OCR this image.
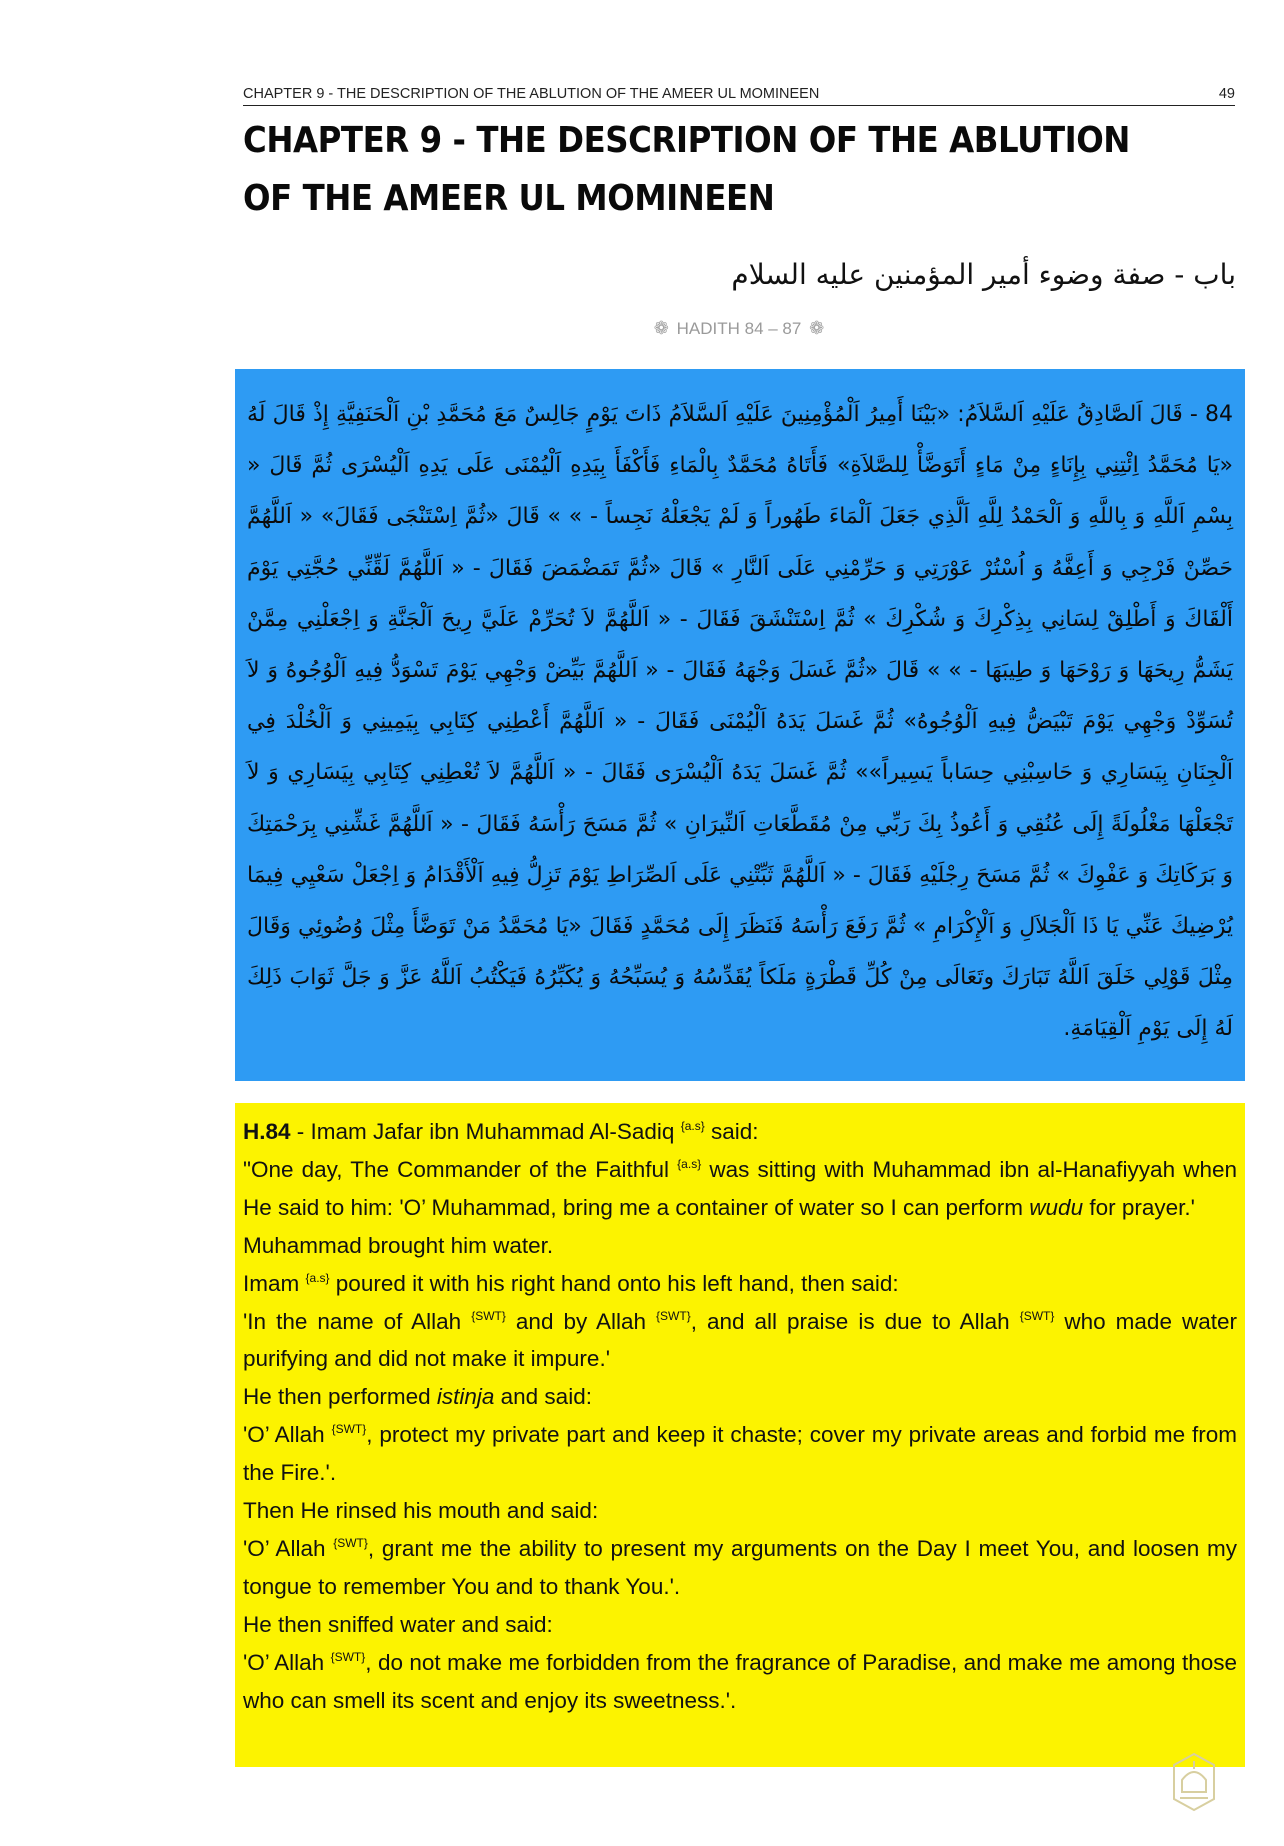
CHAPTER 9 - THE DESCRIPTION OF THE ABLUTION OF THE AMEER UL MOMINEEN	49
CHAPTER 9 - THE DESCRIPTION OF THE ABLUTION OF THE AMEER UL MOMINEEN
باب - صفة وضوء أمير المؤمنين عليه السلام
❁ HADITH 84 – 87 ❁

84 - قَالَ اَلصَّادِقُ عَلَيْهِ اَلسَّلاَمُ: «بَيْنَا أَمِيرُ اَلْمُؤْمِنِينَ عَلَيْهِ اَلسَّلاَمُ ذَاتَ يَوْمٍ جَالِسٌ مَعَ مُحَمَّدِ بْنِ اَلْحَنَفِيَّةِ إِذْ قَالَ لَهُ «يَا مُحَمَّدُ اِئْتِنِي بِإِنَاءٍ مِنْ مَاءٍ أَتَوَضَّأْ لِلصَّلاَةِ» فَأَتَاهُ مُحَمَّدٌ بِالْمَاءِ فَأَكْفَأَ بِيَدِهِ اَلْيُمْنَى عَلَى يَدِهِ اَلْيُسْرَى ثُمَّ قَالَ « بِسْمِ اَللَّهِ وَ بِاللَّهِ وَ اَلْحَمْدُ لِلَّهِ اَلَّذِي جَعَلَ اَلْمَاءَ طَهُوراً وَ لَمْ يَجْعَلْهُ نَجِساً - » » قَالَ «ثُمَّ اِسْتَنْجَى فَقَالَ» « اَللَّهُمَّ حَصِّنْ فَرْجِي وَ أَعِفَّهُ وَ اُسْتُرْ عَوْرَتِي وَ حَرِّمْنِي عَلَى اَلنَّارِ » قَالَ «ثُمَّ تَمَضْمَضَ فَقَالَ - « اَللَّهُمَّ لَقِّنِّي حُجَّتِي يَوْمَ أَلْقَاكَ وَ أَطْلِقْ لِسَانِي بِذِكْرِكَ وَ شُكْرِكَ » ثُمَّ اِسْتَنْشَقَ فَقَالَ - « اَللَّهُمَّ لاَ تُحَرِّمْ عَلَيَّ رِيحَ اَلْجَنَّةِ وَ اِجْعَلْنِي مِمَّنْ يَشَمُّ رِيحَهَا وَ رَوْحَهَا وَ طِيبَهَا - » » قَالَ «ثُمَّ غَسَلَ وَجْهَهُ فَقَالَ - « اَللَّهُمَّ بَيِّضْ وَجْهِي يَوْمَ تَسْوَدُّ فِيهِ اَلْوُجُوهُ وَ لاَ تُسَوِّدْ وَجْهِي يَوْمَ تَبْيَضُّ فِيهِ اَلْوُجُوهُ» ثُمَّ غَسَلَ يَدَهُ اَلْيُمْنَى فَقَالَ - « اَللَّهُمَّ أَعْطِنِي كِتَابِي بِيَمِينِي وَ اَلْخُلْدَ فِي اَلْجِنَانِ بِيَسَارِي وَ حَاسِبْنِي حِسَاباً يَسِيراً»» ثُمَّ غَسَلَ يَدَهُ اَلْيُسْرَى فَقَالَ - « اَللَّهُمَّ لاَ تُعْطِنِي كِتَابِي بِيَسَارِي وَ لاَ تَجْعَلْهَا مَغْلُولَةً إِلَى عُنُقِي وَ أَعُوذُ بِكَ رَبِّي مِنْ مُقَطَّعَاتِ اَلنِّيرَانِ » ثُمَّ مَسَحَ رَأْسَهُ فَقَالَ - « اَللَّهُمَّ غَشِّنِي بِرَحْمَتِكَ وَ بَرَكَاتِكَ وَ عَفْوِكَ » ثُمَّ مَسَحَ رِجْلَيْهِ فَقَالَ - « اَللَّهُمَّ ثَبِّتْنِي عَلَى اَلصِّرَاطِ يَوْمَ تَزِلُّ فِيهِ اَلْأَقْدَامُ وَ اِجْعَلْ سَعْيِي فِيمَا يُرْضِيكَ عَنِّي يَا ذَا اَلْجَلاَلِ وَ اَلْإِكْرَامِ » ثُمَّ رَفَعَ رَأْسَهُ فَنَظَرَ إِلَى مُحَمَّدٍ فَقَالَ «يَا مُحَمَّدُ مَنْ تَوَضَّأَ مِثْلَ وُضُوئِي وَقَالَ مِثْلَ قَوْلِي خَلَقَ اَللَّهُ تَبَارَكَ وتَعَالَى مِنْ كُلِّ قَطْرَةٍ مَلَكاً يُقَدِّسُهُ وَ يُسَبِّحُهُ وَ يُكَبِّرُهُ فَيَكْتُبُ اَللَّهُ عَزَّ وَ جَلَّ ثَوَابَ ذَلِكَ لَهُ إِلَى يَوْمِ اَلْقِيَامَةِ.

H.84 - Imam Jafar ibn Muhammad Al-Sadiq $^{\{a.s\}}$ said:

"One day, The Commander of the Faithful $^{\{a.s\}}$ was sitting with Muhammad ibn al-Hanafiyyah when He said to him: 'O’ Muhammad, bring me a container of water so I can perform wudu for prayer.'

Muhammad brought him water.

Imam $^{\{a.s\}}$ poured it with his right hand onto his left hand, then said:

'In the name of Allah $^{\{SWT\}}$ and by Allah $^{\{SWT\}}$, and all praise is due to Allah $^{\{SWT\}}$ who made water purifying and did not make it impure.'

He then performed istinja and said:

'O’ Allah $^{\{SWT\}}$, protect my private part and keep it chaste; cover my private areas and forbid me from the Fire.'.

Then He rinsed his mouth and said:

'O’ Allah $^{\{SWT\}}$, grant me the ability to present my arguments on the Day I meet You, and loosen my tongue to remember You and to thank You.'.

He then sniffed water and said:

'O’ Allah $^{\{SWT\}}$, do not make me forbidden from the fragrance of Paradise, and make me among those who can smell its scent and enjoy its sweetness.'.
